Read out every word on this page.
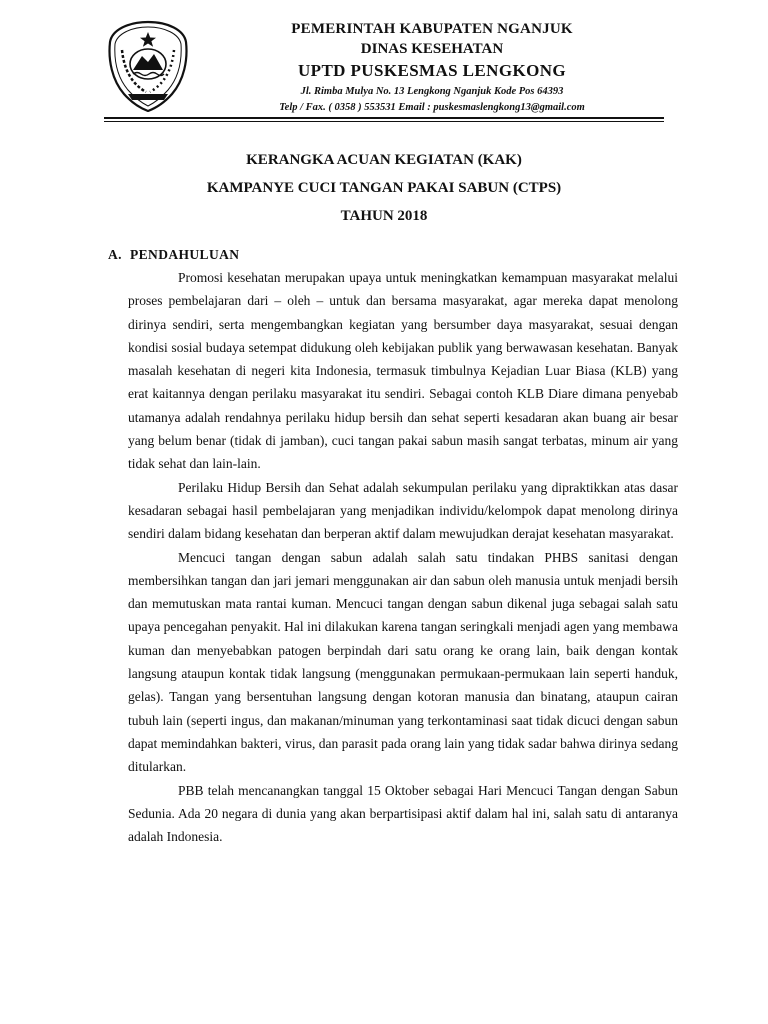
PEMERINTAH KABUPATEN NGANJUK
DINAS KESEHATAN
UPTD PUSKESMAS LENGKONG
Jl. Rimba Mulya No. 13 Lengkong Nganjuk Kode Pos 64393
Telp / Fax. ( 0358 ) 553531 Email : puskesmaslengkong13@gmail.com
KERANGKA ACUAN KEGIATAN (KAK)
KAMPANYE CUCI TANGAN PAKAI SABUN (CTPS)
TAHUN 2018
A. PENDAHULUAN

Promosi kesehatan merupakan upaya untuk meningkatkan kemampuan masyarakat melalui proses pembelajaran dari – oleh – untuk dan bersama masyarakat, agar mereka dapat menolong dirinya sendiri, serta mengembangkan kegiatan yang bersumber daya masyarakat, sesuai dengan kondisi sosial budaya setempat didukung oleh kebijakan publik yang berwawasan kesehatan. Banyak masalah kesehatan di negeri kita Indonesia, termasuk timbulnya Kejadian Luar Biasa (KLB) yang erat kaitannya dengan perilaku masyarakat itu sendiri. Sebagai contoh KLB Diare dimana penyebab utamanya adalah rendahnya perilaku hidup bersih dan sehat seperti kesadaran akan buang air besar yang belum benar (tidak di jamban), cuci tangan pakai sabun masih sangat terbatas, minum air yang tidak sehat dan lain-lain.

Perilaku Hidup Bersih dan Sehat adalah sekumpulan perilaku yang dipraktikkan atas dasar kesadaran sebagai hasil pembelajaran yang menjadikan individu/kelompok dapat menolong dirinya sendiri dalam bidang kesehatan dan berperan aktif dalam mewujudkan derajat kesehatan masyarakat.

Mencuci tangan dengan sabun adalah salah satu tindakan PHBS sanitasi dengan membersihkan tangan dan jari jemari menggunakan air dan sabun oleh manusia untuk menjadi bersih dan memutuskan mata rantai kuman. Mencuci tangan dengan sabun dikenal juga sebagai salah satu upaya pencegahan penyakit. Hal ini dilakukan karena tangan seringkali menjadi agen yang membawa kuman dan menyebabkan patogen berpindah dari satu orang ke orang lain, baik dengan kontak langsung ataupun kontak tidak langsung (menggunakan permukaan-permukaan lain seperti handuk, gelas). Tangan yang bersentuhan langsung dengan kotoran manusia dan binatang, ataupun cairan tubuh lain (seperti ingus, dan makanan/minuman yang terkontaminasi saat tidak dicuci dengan sabun dapat memindahkan bakteri, virus, dan parasit pada orang lain yang tidak sadar bahwa dirinya sedang ditularkan.

PBB telah mencanangkan tanggal 15 Oktober sebagai Hari Mencuci Tangan dengan Sabun Sedunia. Ada 20 negara di dunia yang akan berpartisipasi aktif dalam hal ini, salah satu di antaranya adalah Indonesia.
